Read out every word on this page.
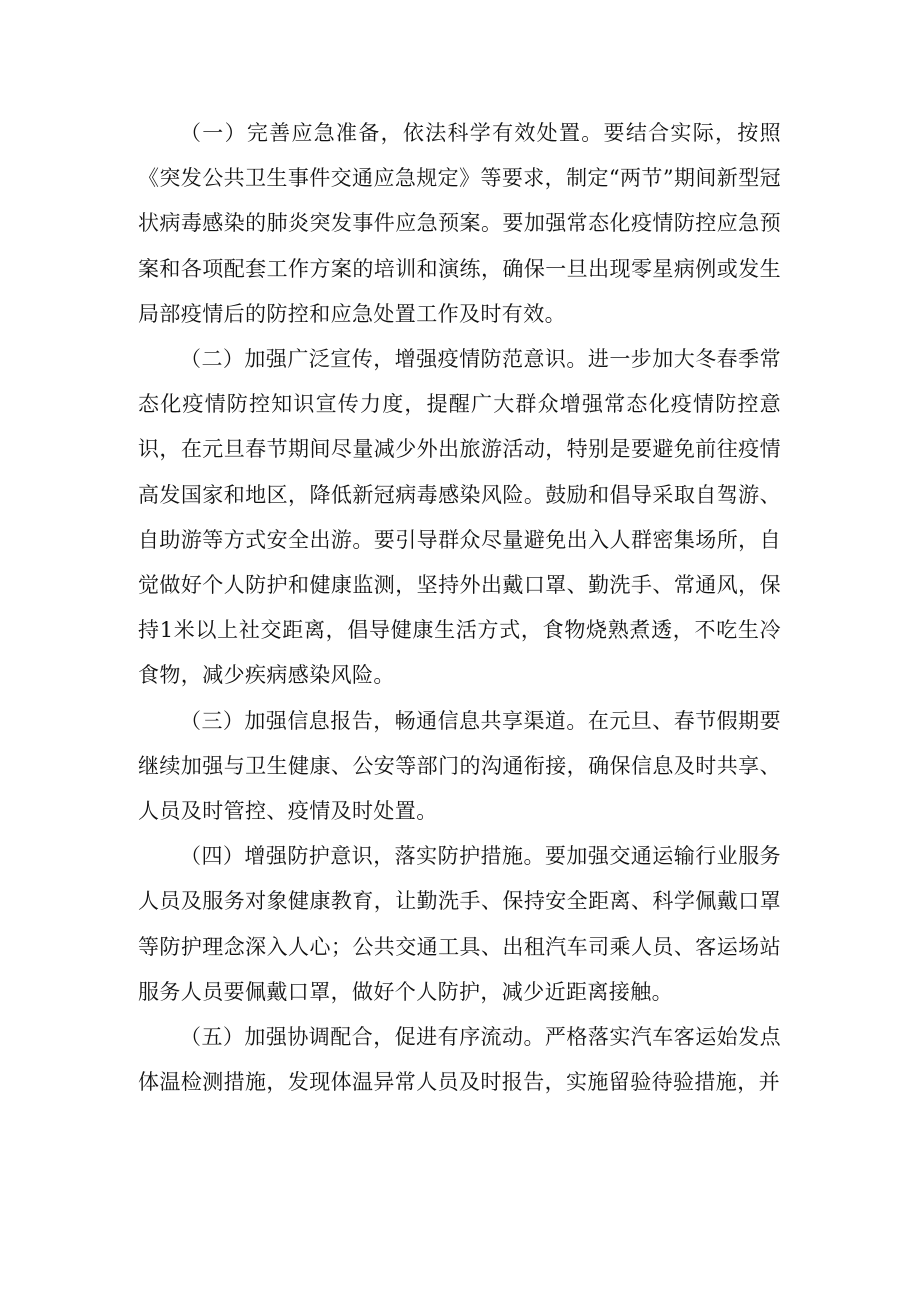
（一）完善应急准备，依法科学有效处置。要结合实际，按照《突发公共卫生事件交通应急规定》等要求，制定“两节”期间新型冠状病毒感染的肺炎突发事件应急预案。要加强常态化疫情防控应急预案和各项配套工作方案的培训和演练，确保一旦出现零星病例或发生局部疫情后的防控和应急处置工作及时有效。

（二）加强广泛宣传，增强疫情防范意识。进一步加大冬春季常态化疫情防控知识宣传力度，提醒广大群众增强常态化疫情防控意识，在元旦春节期间尽量减少外出旅游活动，特别是要避免前往疫情高发国家和地区，降低新冠病毒感染风险。鼓励和倡导采取自驾游、自助游等方式安全出游。要引导群众尽量避免出入人群密集场所，自觉做好个人防护和健康监测，坚持外出戴口罩、勤洗手、常通风，保持1米以上社交距离，倡导健康生活方式，食物烧熟煮透，不吃生冷食物，减少疾病感染风险。

（三）加强信息报告，畅通信息共享渠道。在元旦、春节假期要继续加强与卫生健康、公安等部门的沟通衔接，确保信息及时共享、人员及时管控、疫情及时处置。

（四）增强防护意识，落实防护措施。要加强交通运输行业服务人员及服务对象健康教育，让勤洗手、保持安全距离、科学佩戴口罩等防护理念深入人心；公共交通工具、出租汽车司乘人员、客运场站服务人员要佩戴口罩，做好个人防护，减少近距离接触。

（五）加强协调配合，促进有序流动。严格落实汽车客运始发点体温检测措施，发现体温异常人员及时报告，实施留验待验措施，并
